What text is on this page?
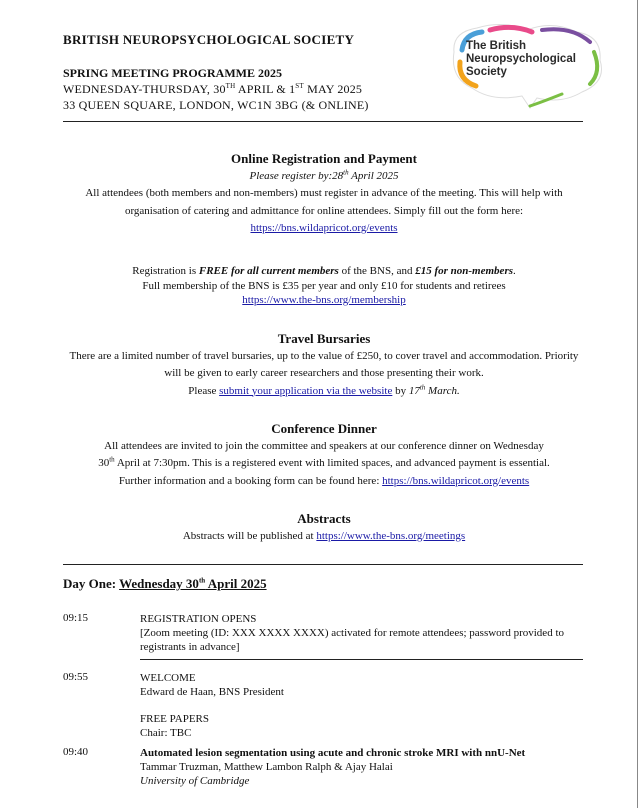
BRITISH NEUROPSYCHOLOGICAL SOCIETY
SPRING MEETING PROGRAMME 2025
WEDNESDAY-THURSDAY, 30TH APRIL & 1ST MAY 2025
33 QUEEN SQUARE, LONDON, WC1N 3BG (& ONLINE)
The British
Neuropsychological
Society
Online Registration and Payment
Please register by:28th April 2025
All attendees (both members and non-members) must register in advance of the meeting. This will help with organisation of catering and admittance for online attendees. Simply fill out the form here:
https://bns.wildapricot.org/events
Registration is FREE for all current members of the BNS, and £15 for non-members.
Full membership of the BNS is £35 per year and only £10 for students and retirees
https://www.the-bns.org/membership
Travel Bursaries
There are a limited number of travel bursaries, up to the value of £250, to cover travel and accommodation. Priority will be given to early career researchers and those presenting their work.
Please submit your application via the website by 17th March.
Conference Dinner
All attendees are invited to join the committee and speakers at our conference dinner on Wednesday
30th April at 7:30pm. This is a registered event with limited spaces, and advanced payment is essential.
Further information and a booking form can be found here: https://bns.wildapricot.org/events
Abstracts
Abstracts will be published at https://www.the-bns.org/meetings
Day One: Wednesday 30th April 2025
09:15	REGISTRATION OPENS
[Zoom meeting (ID: XXX XXXX XXXX) activated for remote attendees; password provided to registrants in advance]
09:55	WELCOME
Edward de Haan, BNS President
FREE PAPERS
Chair: TBC
09:40	Automated lesion segmentation using acute and chronic stroke MRI with nnU-Net
Tammar Truzman, Matthew Lambon Ralph & Ajay Halai
University of Cambridge
